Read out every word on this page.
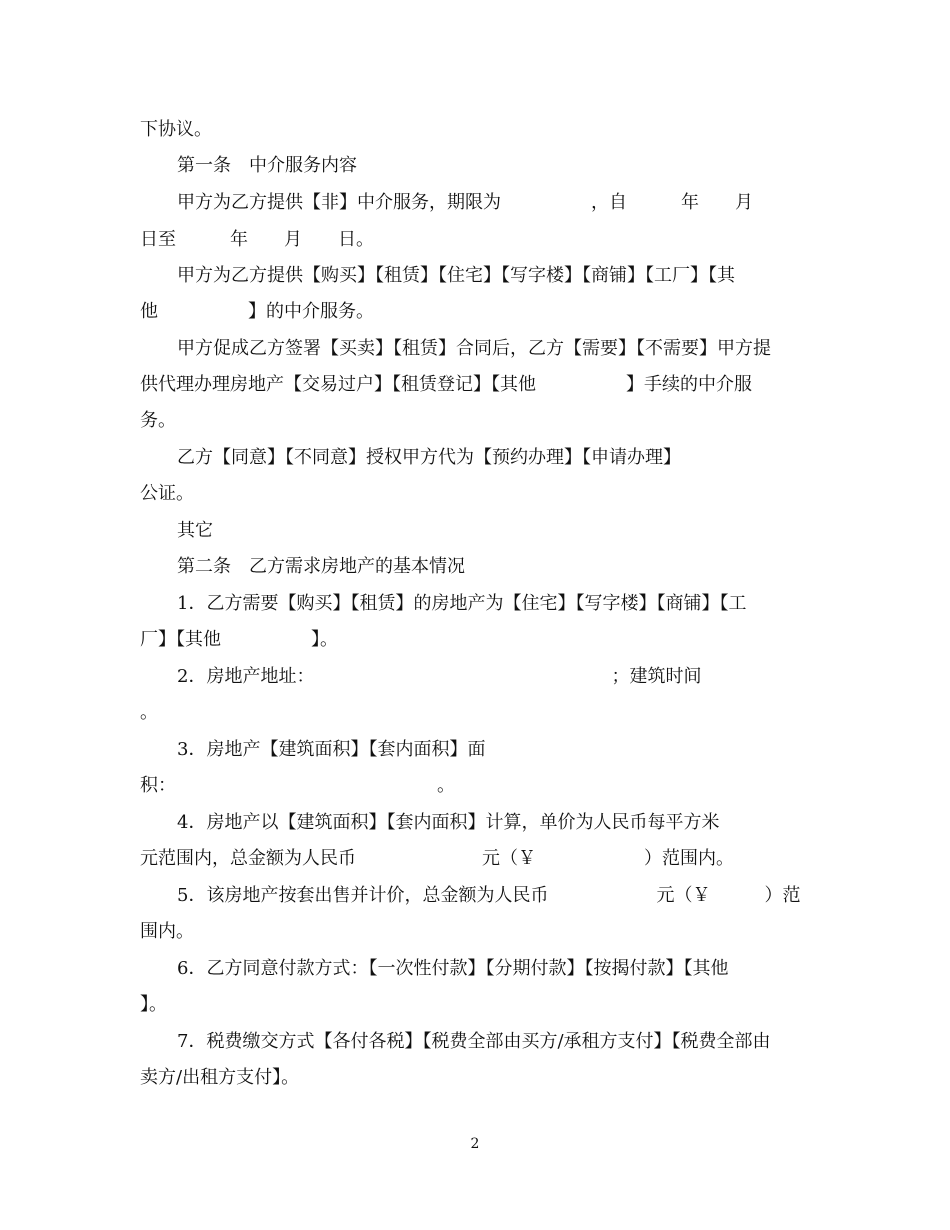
下协议。
第一条　中介服务内容
甲方为乙方提供【非】中介服务，期限为　　　　　，自　　　年　　月
日至　　　年　　月　　日。
甲方为乙方提供【购买】【租赁】【住宅】【写字楼】【商铺】【工厂】【其
他　　　　　】的中介服务。
甲方促成乙方签署【买卖】【租赁】合同后，乙方【需要】【不需要】甲方提
供代理办理房地产【交易过户】【租赁登记】【其他　　　　　】手续的中介服
务。
乙方【同意】【不同意】授权甲方代为【预约办理】【申请办理】
公证。
其它
第二条　乙方需求房地产的基本情况
1．乙方需要【购买】【租赁】的房地产为【住宅】【写字楼】【商铺】【工
厂】【其他　　　　　】。
2．房地产地址：　　　　　　　　　　　　　　　　　；建筑时间
。
3．房地产【建筑面积】【套内面积】面
积：　　　　　　　　　　　　　　　。
4．房地产以【建筑面积】【套内面积】计算，单价为人民币每平方米
元范围内，总金额为人民币　　　　　　　元（￥　　　　　　）范围内。
5．该房地产按套出售并计价，总金额为人民币　　　　　　元（￥　　　）范
围内。
6．乙方同意付款方式：【一次性付款】【分期付款】【按揭付款】【其他
】。
7．税费缴交方式【各付各税】【税费全部由买方/承租方支付】【税费全部由
卖方/出租方支付】。
2
